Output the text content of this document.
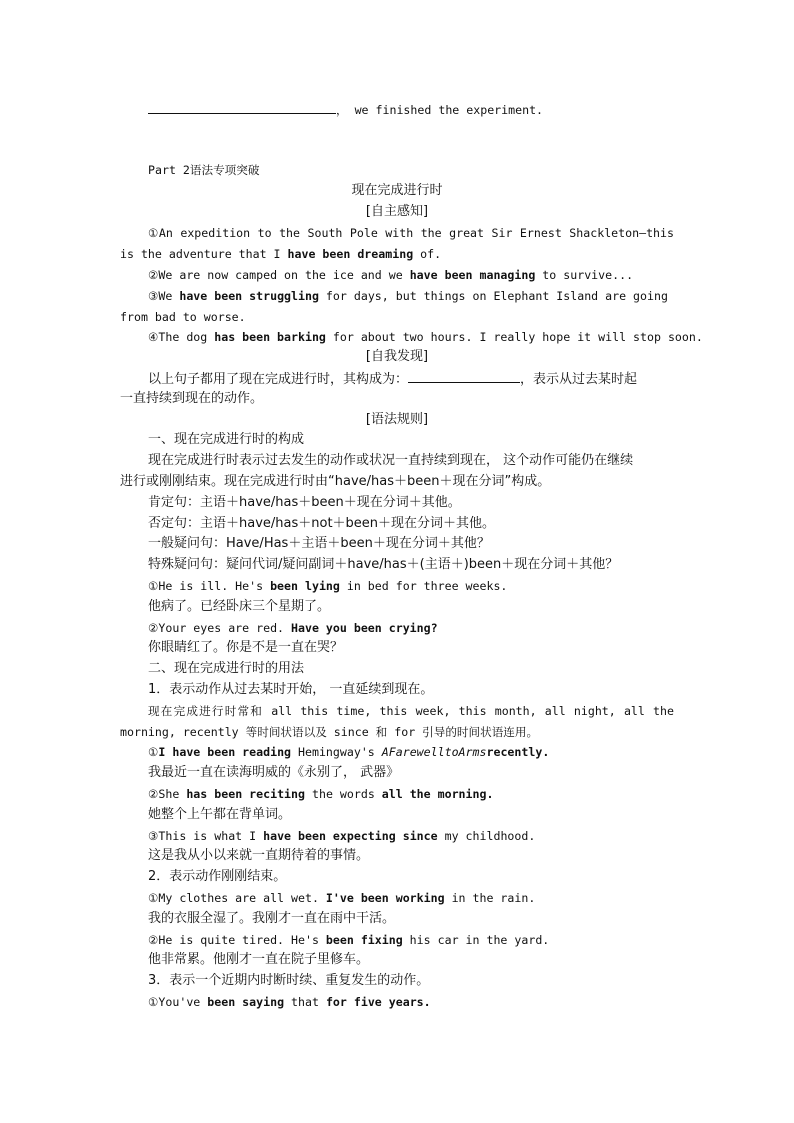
， we finished the experiment.
Part 2语法专项突破
现在完成进行时
[自主感知]
①An expedition to the South Pole with the great Sir Ernest Shackleton—this
is the adventure that I have been dreaming of.
②We are now camped on the ice and we have been managing to survive...
③We have been struggling for days, but things on Elephant Island are going
from bad to worse.
④The dog has been barking for about two hours. I really hope it will stop soon.
[自我发现]
以上句子都用了现在完成进行时，其构成为：	，表示从过去某时起
一直持续到现在的动作。
[语法规则]
一、现在完成进行时的构成
现在完成进行时表示过去发生的动作或状况一直持续到现在， 这个动作可能仍在继续
进行或刚刚结束。现在完成进行时由“have/has＋been＋现在分词”构成。
肯定句：主语＋have/has＋been＋现在分词＋其他。
否定句：主语＋have/has＋not＋been＋现在分词＋其他。
一般疑问句：Have/Has＋主语＋been＋现在分词＋其他？
特殊疑问句：疑问代词/疑问副词＋have/has＋(主语＋)been＋现在分词＋其他？
①He is ill. He's been lying in bed for three weeks.
他病了。已经卧床三个星期了。
②Your eyes are red. Have you been crying?
你眼睛红了。你是不是一直在哭？
二、现在完成进行时的用法
1．表示动作从过去某时开始， 一直延续到现在。
现在完成进行时常和 all this time, this week, this month, all night, all the
morning, recently 等时间状语以及 since 和 for 引导的时间状语连用。
①I have been reading Hemingway's AFarewelltoArmsrecently.
我最近一直在读海明威的《永别了， 武器》
②She has been reciting the words all the morning.
她整个上午都在背单词。
③This is what I have been expecting since my childhood.
这是我从小以来就一直期待着的事情。
2．表示动作刚刚结束。
①My clothes are all wet. I've been working in the rain.
我的衣服全湿了。我刚才一直在雨中干活。
②He is quite tired. He's been fixing his car in the yard.
他非常累。他刚才一直在院子里修车。
3．表示一个近期内时断时续、重复发生的动作。
①You've been saying that for five years.
